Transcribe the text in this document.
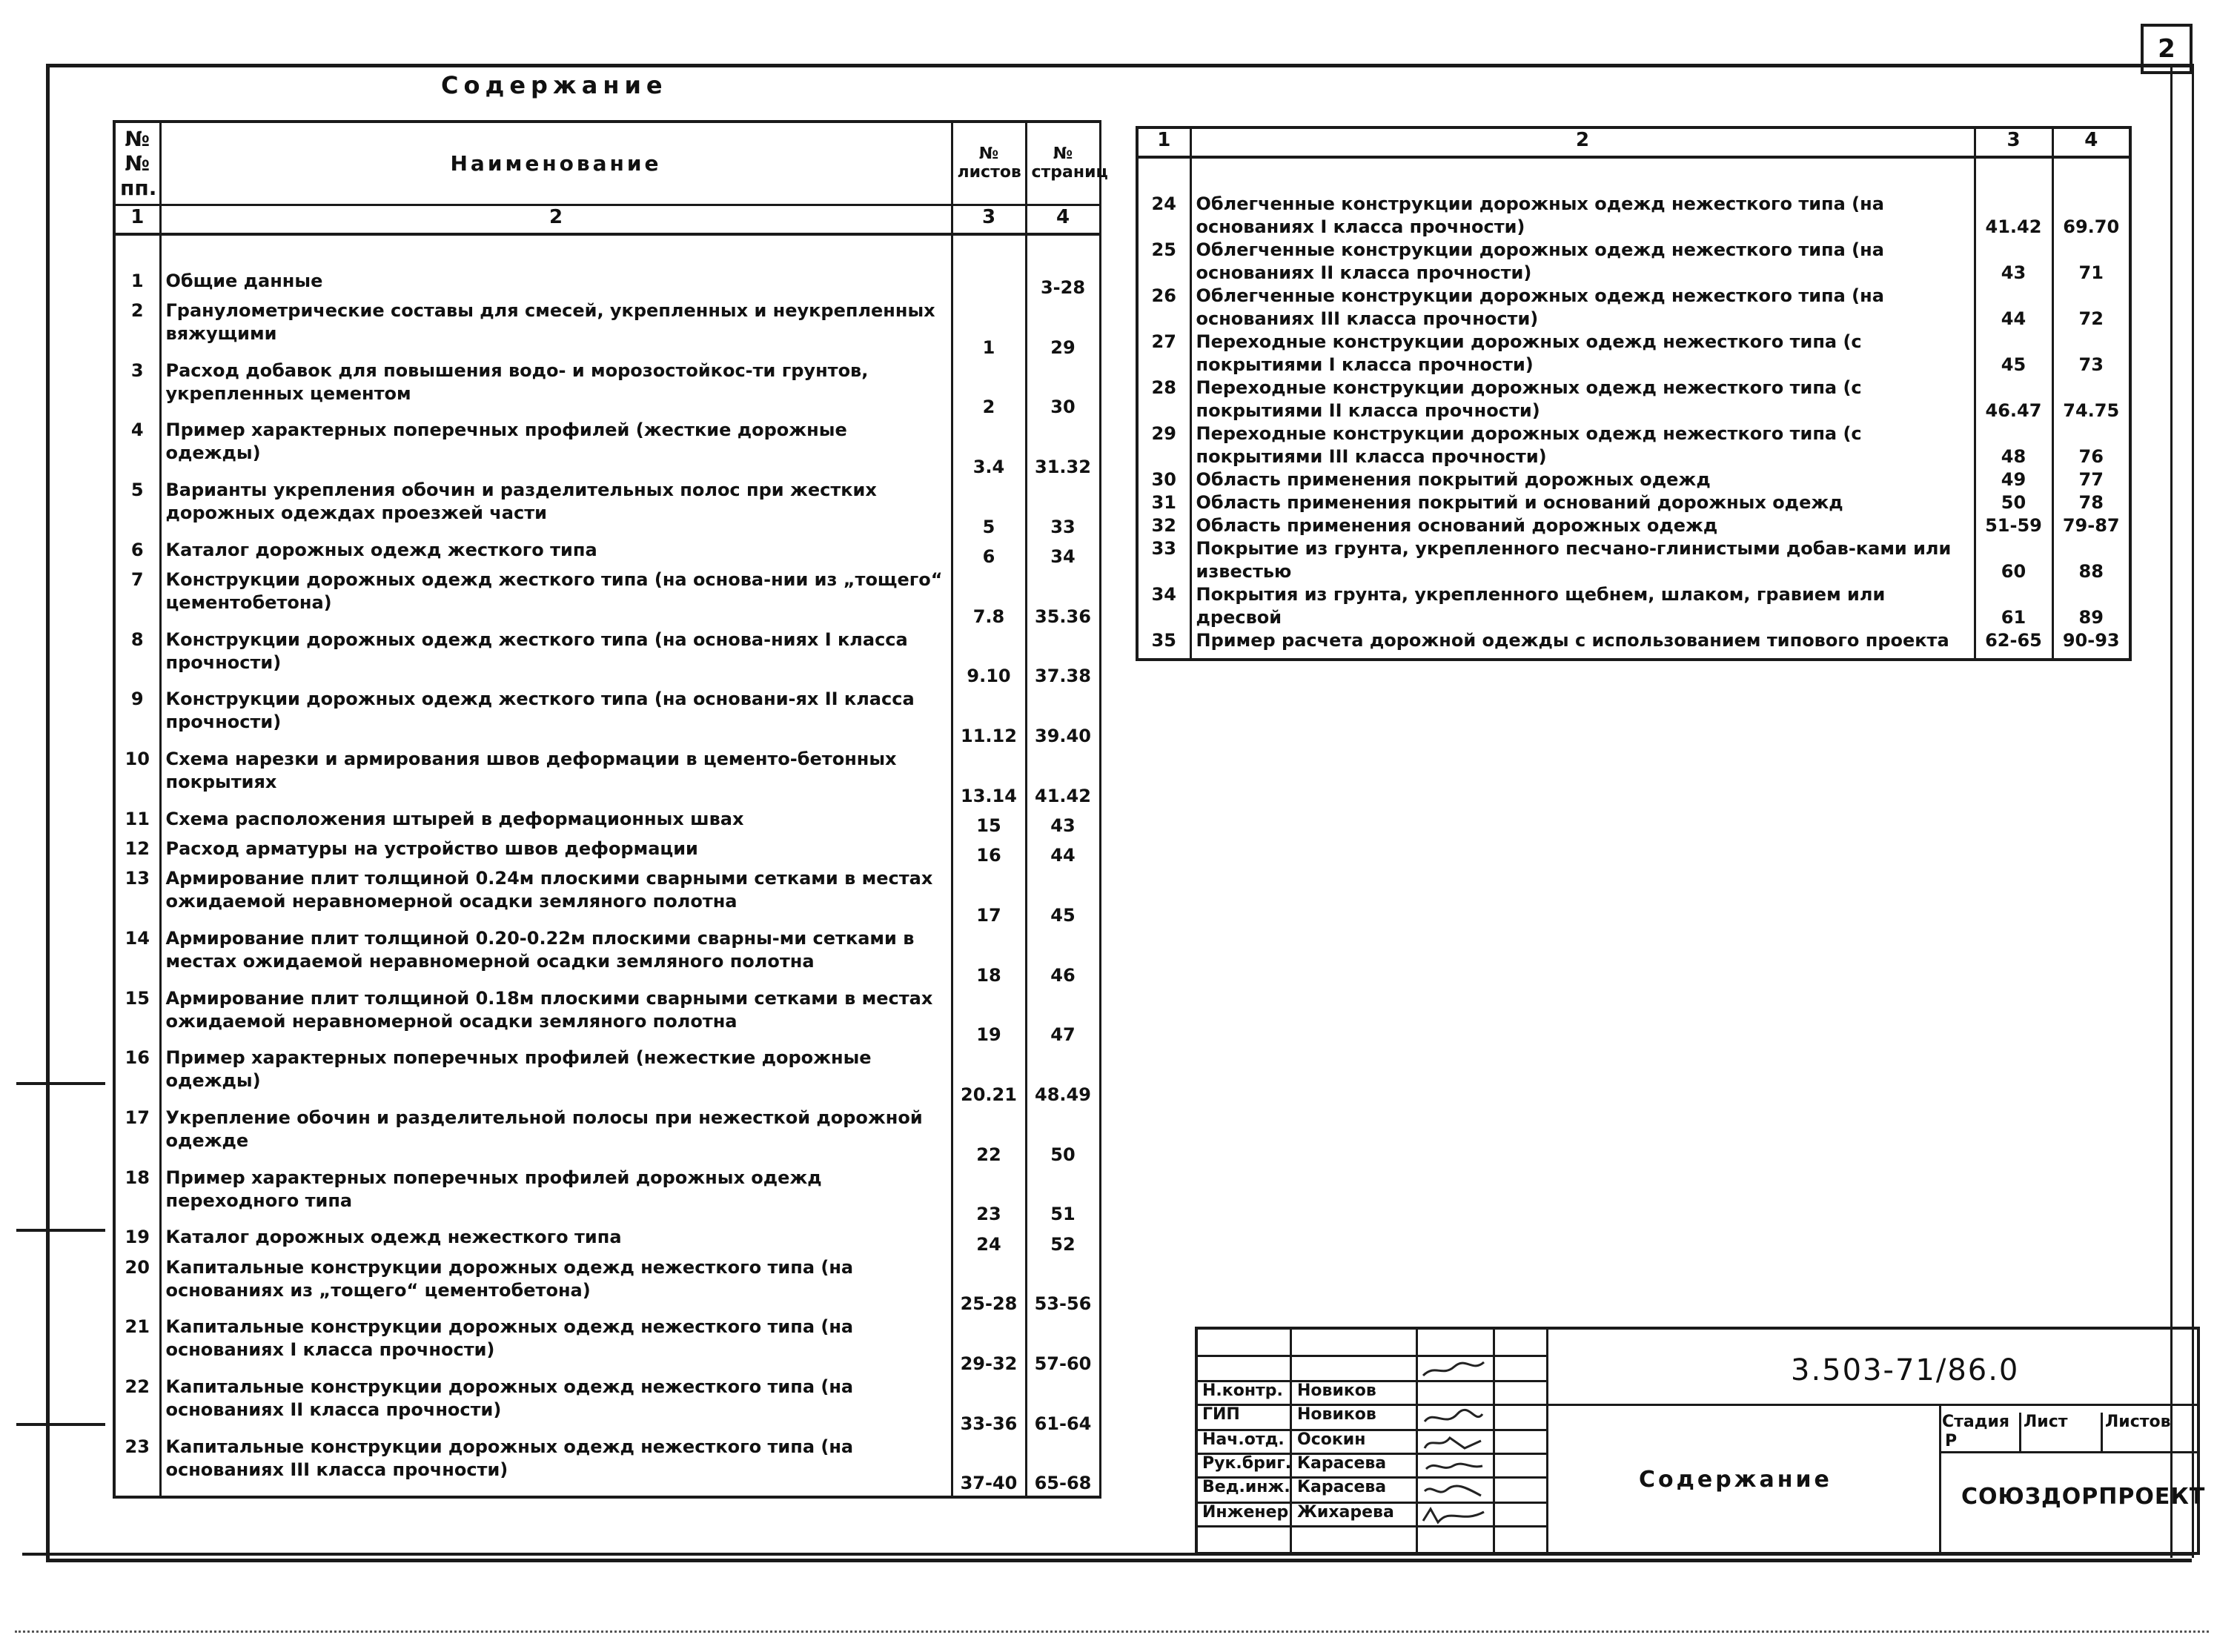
2
Содержание
№№ пп.	Наименование	№ листов	№ страниц
1	2	3	4

1	Общие данные		3-28
2	Гранулометрические составы для смесей, укрепленных и неукрепленных вяжущими	1	29
3	Расход добавок для повышения водо- и морозостойкос-ти грунтов, укрепленных цементом	2	30
4	Пример характерных поперечных профилей (жесткие дорожные одежды)	3.4	31.32
5	Варианты укрепления обочин и разделительных полос при жестких дорожных одеждах проезжей части	5	33
6	Каталог дорожных одежд жесткого типа	6	34
7	Конструкции дорожных одежд жесткого типа (на основа-нии из „тощего“ цементобетона)	7.8	35.36
8	Конструкции дорожных одежд жесткого типа (на основа-ниях I класса прочности)	9.10	37.38
9	Конструкции дорожных одежд жесткого типа (на основани-ях II класса прочности)	11.12	39.40
10	Схема нарезки и армирования швов деформации в цементо-бетонных покрытиях	13.14	41.42
11	Схема расположения штырей в деформационных швах	15	43
12	Расход арматуры на устройство швов деформации	16	44
13	Армирование плит толщиной 0.24м плоскими сварными сетками в местах ожидаемой неравномерной осадки земляного полотна	17	45
14	Армирование плит толщиной 0.20-0.22м плоскими сварны-ми сетками в местах ожидаемой неравномерной осадки земляного полотна	18	46
15	Армирование плит толщиной 0.18м плоскими сварными сетками в местах ожидаемой неравномерной осадки земляного полотна	19	47
16	Пример характерных поперечных профилей (нежесткие дорожные одежды)	20.21	48.49
17	Укрепление обочин и разделительной полосы при нежесткой дорожной одежде	22	50
18	Пример характерных поперечных профилей дорожных одежд переходного типа	23	51
19	Каталог дорожных одежд нежесткого типа	24	52
20	Капитальные конструкции дорожных одежд нежесткого типа (на основаниях из „тощего“ цементобетона)	25-28	53-56
21	Капитальные конструкции дорожных одежд нежесткого типа (на основаниях I класса прочности)	29-32	57-60
22	Капитальные конструкции дорожных одежд нежесткого типа (на основаниях II класса прочности)	33-36	61-64
23	Капитальные конструкции дорожных одежд нежесткого типа (на основаниях III класса прочности)	37-40	65-68

1	2	3	4

24	Облегченные конструкции дорожных одежд нежесткого типа (на основаниях I класса прочности)	41.42	69.70
25	Облегченные конструкции дорожных одежд нежесткого типа (на основаниях II класса прочности)	43	71
26	Облегченные конструкции дорожных одежд нежесткого типа (на основаниях III класса прочности)	44	72
27	Переходные конструкции дорожных одежд нежесткого типа (с покрытиями I класса прочности)	45	73
28	Переходные конструкции дорожных одежд нежесткого типа (с покрытиями II класса прочности)	46.47	74.75
29	Переходные конструкции дорожных одежд нежесткого типа (с покрытиями III класса прочности)	48	76
30	Область применения покрытий дорожных одежд	49	77
31	Область применения покрытий и оснований дорожных одежд	50	78
32	Область применения оснований дорожных одежд	51-59	79-87
33	Покрытие из грунта, укрепленного песчано-глинистыми добав-ками или известью	60	88
34	Покрытия из грунта, укрепленного щебнем, шлаком, гравием или дресвой	61	89
35	Пример расчета дорожной одежды с использованием типового проекта	62-65	90-93

Н.контр. Новиков
ГИП	Новиков
Нач.отд. Осокин
Рук.бриг. Карасева
Вед.инж. Карасева
Инженер Жихарева
3.503-71/86.0
Содержание
Стадия Лист	Листов
Р
СОЮЗДОРПРОЕКТ
